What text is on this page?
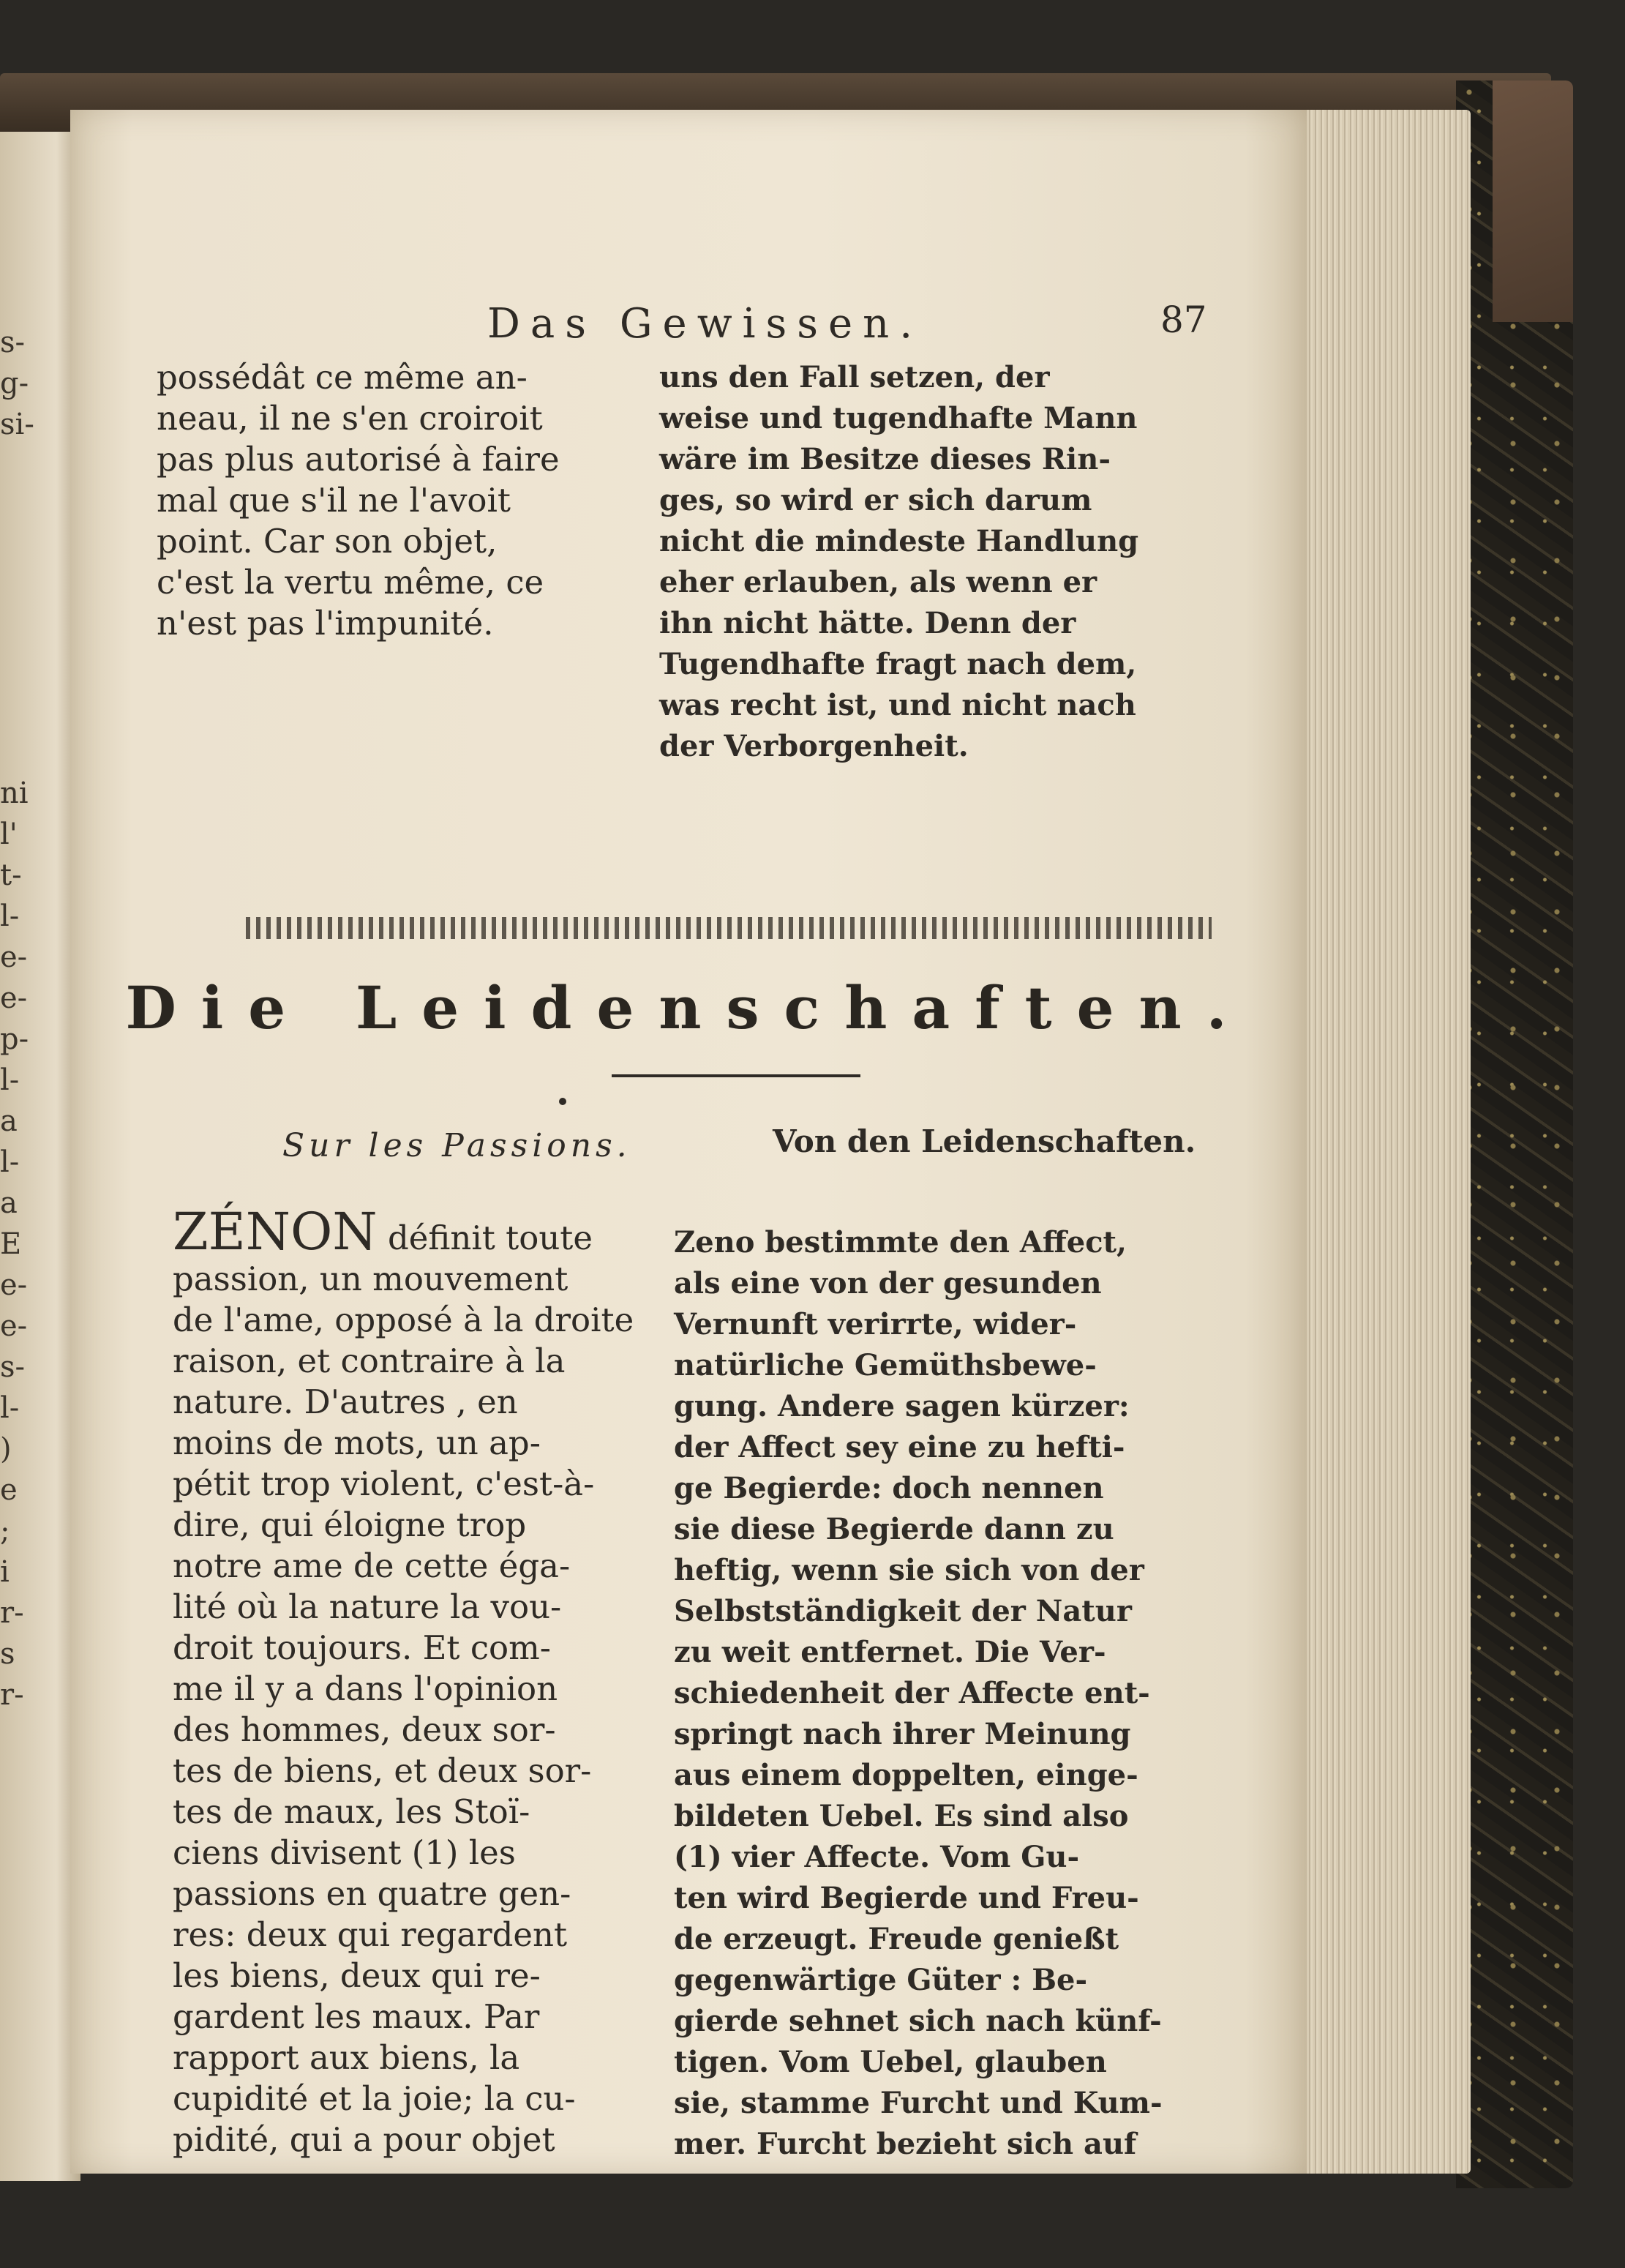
s-
g-
si-
ni
l'
t-
l-
e-
e-
p-
l-
a
l-
a
E
e-
e-
s-
l-
)
e
;
i
r-
s
r-
Das Gewissen.	87
possédât ce même an-
neau, il ne s'en croiroit
pas plus autorisé à faire
mal que s'il ne l'avoit
point. Car son objet,
c'est la vertu même, ce
n'est pas l'impunité.
uns den Fall setzen, der
weise und tugendhafte Mann
wäre im Besitze dieses Rin-
ges, so wird er sich darum
nicht die mindeste Handlung
eher erlauben, als wenn er
ihn nicht hätte. Denn der
Tugendhafte fragt nach dem,
was recht ist, und nicht nach
der Verborgenheit.
Die Leidenschaften.
Sur les Passions.	Von den Leidenschaften.
ZÉNON définit toute
passion, un mouvement
de l'ame, opposé à la droite
raison, et contraire à la
nature. D'autres , en
moins de mots, un ap-
pétit trop violent, c'est-à-
dire, qui éloigne trop
notre ame de cette éga-
lité où la nature la vou-
droit toujours. Et com-
me il y a dans l'opinion
des hommes, deux sor-
tes de biens, et deux sor-
tes de maux, les Stoï-
ciens divisent (1) les
passions en quatre gen-
res: deux qui regardent
les biens, deux qui re-
gardent les maux. Par
rapport aux biens, la
cupidité et la joie; la cu-
pidité, qui a pour objet
Zeno bestimmte den Affect,
als eine von der gesunden
Vernunft verirrte, wider-
natürliche Gemüthsbewe-
gung. Andere sagen kürzer:
der Affect sey eine zu hefti-
ge Begierde: doch nennen
sie diese Begierde dann zu
heftig, wenn sie sich von der
Selbstständigkeit der Natur
zu weit entfernet. Die Ver-
schiedenheit der Affecte ent-
springt nach ihrer Meinung
aus einem doppelten, einge-
bildeten Uebel. Es sind also
(1) vier Affecte. Vom Gu-
ten wird Begierde und Freu-
de erzeugt. Freude genießt
gegenwärtige Güter : Be-
gierde sehnet sich nach künf-
tigen. Vom Uebel, glauben
sie, stamme Furcht und Kum-
mer. Furcht bezieht sich auf
